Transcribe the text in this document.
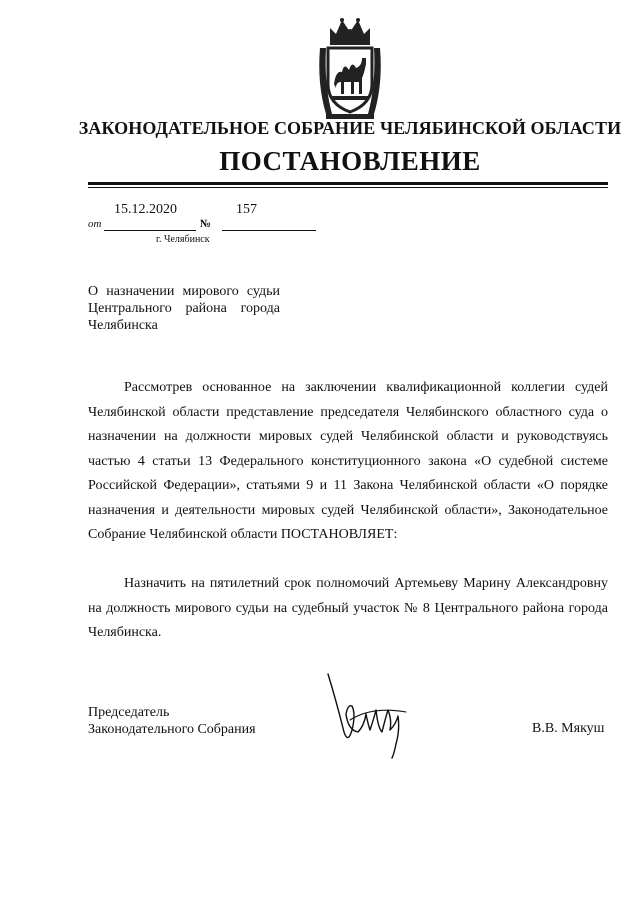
ЗАКОНОДАТЕЛЬНОЕ СОБРАНИЕ ЧЕЛЯБИНСКОЙ ОБЛАСТИ
ПОСТАНОВЛЕНИЕ
15.12.2020	157
от	№
г. Челябинск
О назначении мирового судьи
Центрального района города
Челябинска
Рассмотрев основанное на заключении квалификационной коллегии судей Челябинской области представление председателя Челябинского областного суда о назначении на должности мировых судей Челябинской области и руководствуясь частью 4 статьи 13 Федерального конституционного закона «О судебной системе Российской Федерации», статьями 9 и 11 Закона Челябинской области «О порядке назначения и деятельности мировых судей Челябинской области», Законодательное Собрание Челябинской области ПОСТАНОВЛЯЕТ:
Назначить на пятилетний срок полномочий Артемьеву Марину Александровну на должность мирового судьи на судебный участок № 8 Центрального района города Челябинска.
Председатель
Законодательного Собрания	В.В. Мякуш
